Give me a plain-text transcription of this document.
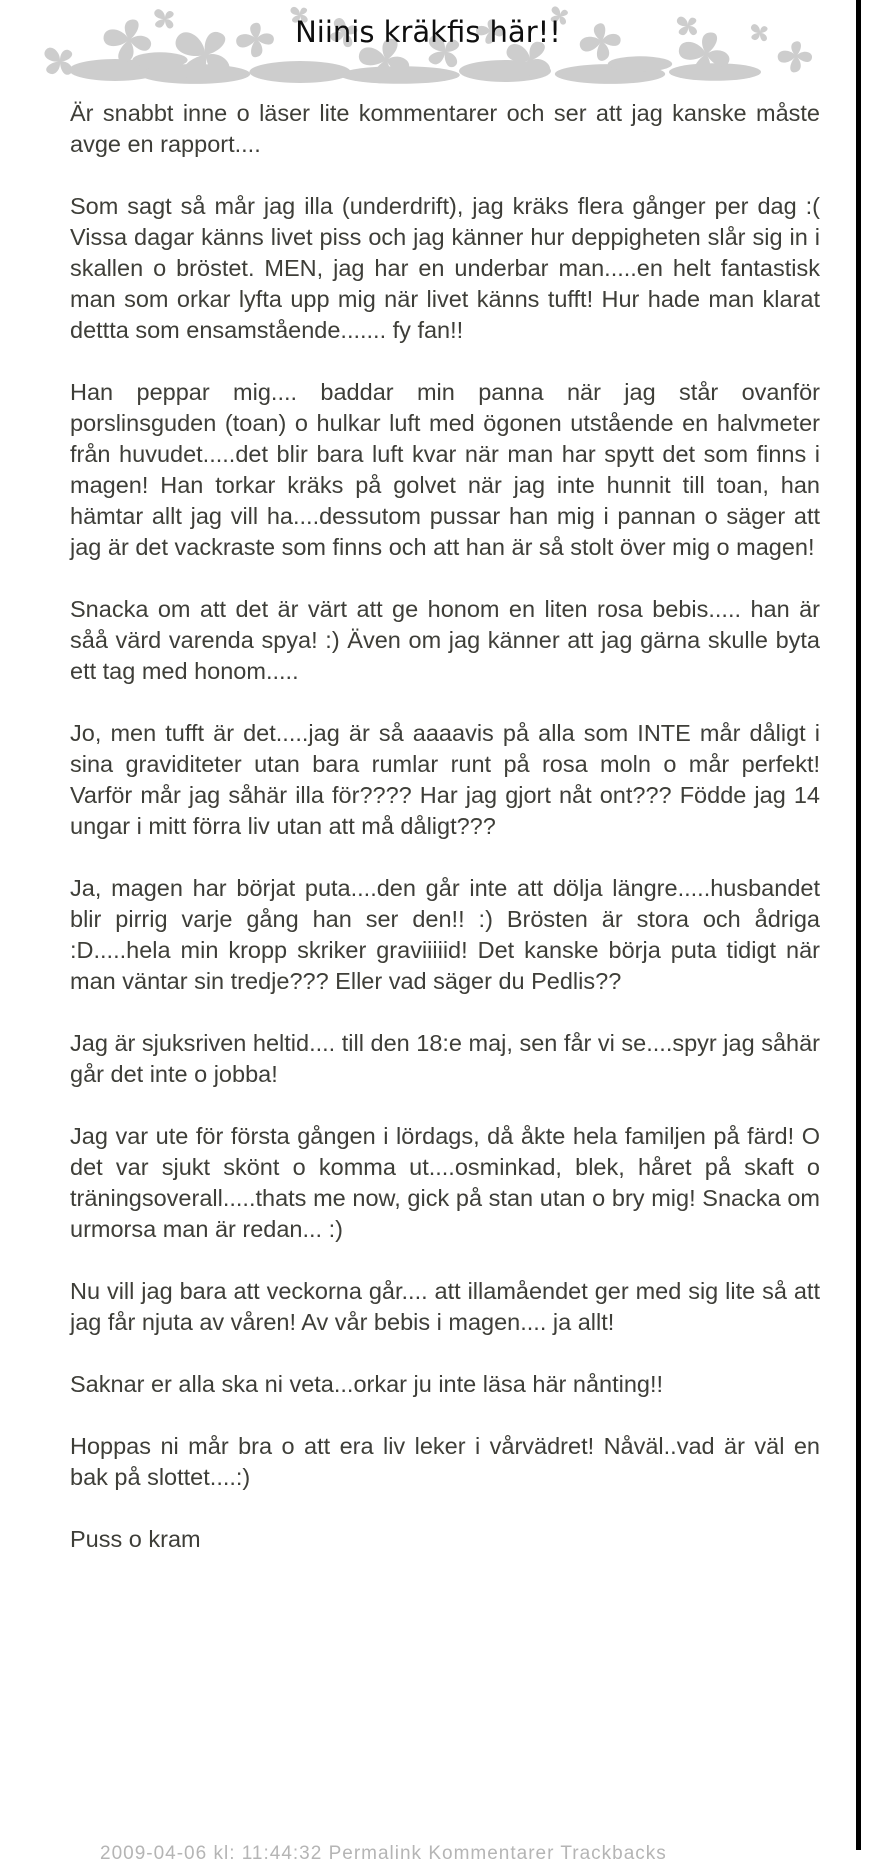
Niinis kräkfis här!!

Är snabbt inne o läser lite kommentarer och ser att jag kanske måste avge en rapport....

Som sagt så mår jag illa (underdrift), jag kräks flera gånger per dag :( Vissa dagar känns livet piss och jag känner hur deppigheten slår sig in i skallen o bröstet. MEN, jag har en underbar man.....en helt fantastisk man som orkar lyfta upp mig när livet känns tufft! Hur hade man klarat dettta som ensamstående....... fy fan!!

Han peppar mig.... baddar min panna när jag står ovanför porslinsguden (toan) o hulkar luft med ögonen utstående en halvmeter från huvudet.....det blir bara luft kvar när man har spytt det som finns i magen! Han torkar kräks på golvet när jag inte hunnit till toan, han hämtar allt jag vill ha....dessutom pussar han mig i pannan o säger att jag är det vackraste som finns och att han är så stolt över mig o magen!

Snacka om att det är värt att ge honom en liten rosa bebis..... han är såå värd varenda spya! :) Även om jag känner att jag gärna skulle byta ett tag med honom.....

Jo, men tufft är det.....jag är så aaaavis på alla som INTE mår dåligt i sina graviditeter utan bara rumlar runt på rosa moln o mår perfekt! Varför mår jag såhär illa för???? Har jag gjort nåt ont??? Födde jag 14 ungar i mitt förra liv utan att må dåligt???

Ja, magen har börjat puta....den går inte att dölja längre.....husbandet blir pirrig varje gång han ser den!! :) Brösten är stora och ådriga :D.....hela min kropp skriker graviiiiid! Det kanske börja puta tidigt när man väntar sin tredje??? Eller vad säger du Pedlis??

Jag är sjuksriven heltid.... till den 18:e maj, sen får vi se....spyr jag såhär går det inte o jobba!

Jag var ute för första gången i lördags, då åkte hela familjen på färd! O det var sjukt skönt o komma ut....osminkad, blek, håret på skaft o träningsoverall.....thats me now, gick på stan utan o bry mig! Snacka om urmorsa man är redan... :)

Nu vill jag bara att veckorna går.... att illamåendet ger med sig lite så att jag får njuta av våren! Av vår bebis i magen.... ja allt!

Saknar er alla ska ni veta...orkar ju inte läsa här nånting!!

Hoppas ni mår bra o att era liv leker i vårvädret! Nåväl..vad är väl en bak på slottet....:)

Puss o kram

2009-04-06 kl: 11:44:32 Permalink Kommentarer Trackbacks
